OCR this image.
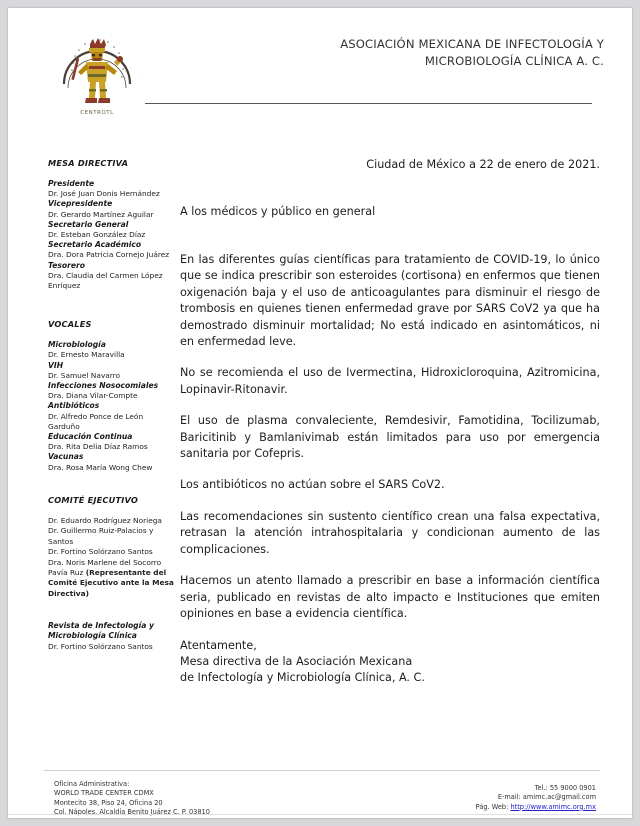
CENTROTL
ASOCIACIÓN MEXICANA DE INFECTOLOGÍA Y
MICROBIOLOGÍA CLÍNICA A. C.
MESA DIRECTIVA
Presidente
Dr. José Juan Donis Hernández
Vicepresidente
Dr. Gerardo Martínez Aguilar
Secretario General
Dr. Esteban González Díaz
Secretario Académico
Dra. Dora Patricia Cornejo Juárez
Tesorero
Dra. Claudia del Carmen López Enríquez
VOCALES
Microbiología
Dr. Ernesto Maravilla
VIH
Dr. Samuel Navarro
Infecciones Nosocomiales
Dra. Diana Vilar-Compte
Antibióticos
Dr. Alfredo Ponce de León Garduño
Educación Continua
Dra. Rita Delia Díaz Ramos
Vacunas
Dra. Rosa María Wong Chew
COMITÉ EJECUTIVO
Dr. Eduardo Rodríguez Noriega
Dr. Guillermo Ruiz-Palacios y Santos
Dr. Fortino Solórzano Santos
Dra. Noris Marlene del Socorro Pavía Ruz (Representante del Comité Ejecutivo ante la Mesa Directiva)
Revista de Infectología y Microbiología Clínica
Dr. Fortino Solórzano Santos
Ciudad de México a 22 de enero de 2021.
A los médicos y público en general

En las diferentes guías científicas para tratamiento de COVID-19, lo único que se indica prescribir son esteroides (cortisona) en enfermos que tienen oxigenación baja y el uso de anticoagulantes para disminuir el riesgo de trombosis en quienes tienen enfermedad grave por SARS CoV2 ya que ha demostrado disminuir mortalidad; No está indicado en asintomáticos, ni en enfermedad leve.

No se recomienda el uso de Ivermectina, Hidroxicloroquina, Azitromicina, Lopinavir-Ritonavir.

El uso de plasma convaleciente, Remdesivir, Famotidina, Tocilizumab, Baricitinib y Bamlanivimab están limitados para uso por emergencia sanitaria por Cofepris.

Los antibióticos no actúan sobre el SARS CoV2.

Las recomendaciones sin sustento científico crean una falsa expectativa, retrasan la atención intrahospitalaria y condicionan aumento de las complicaciones.

Hacemos un atento llamado a prescribir en base a información científica seria, publicado en revistas de alto impacto e Instituciones que emiten opiniones en base a evidencia científica.

Atentamente,
Mesa directiva de la Asociación Mexicana
de Infectología y Microbiología Clínica, A. C.
Oficina Administrativa:
WORLD TRADE CENTER CDMX
Montecito 38, Piso 24, Oficina 20
Col. Nápoles, Alcaldía Benito Juárez C. P. 03810
Tel.: 55 9000 0901
E-mail: amimc.ac@gmail.com
Pág. Web: http://www.amimc.org.mx
